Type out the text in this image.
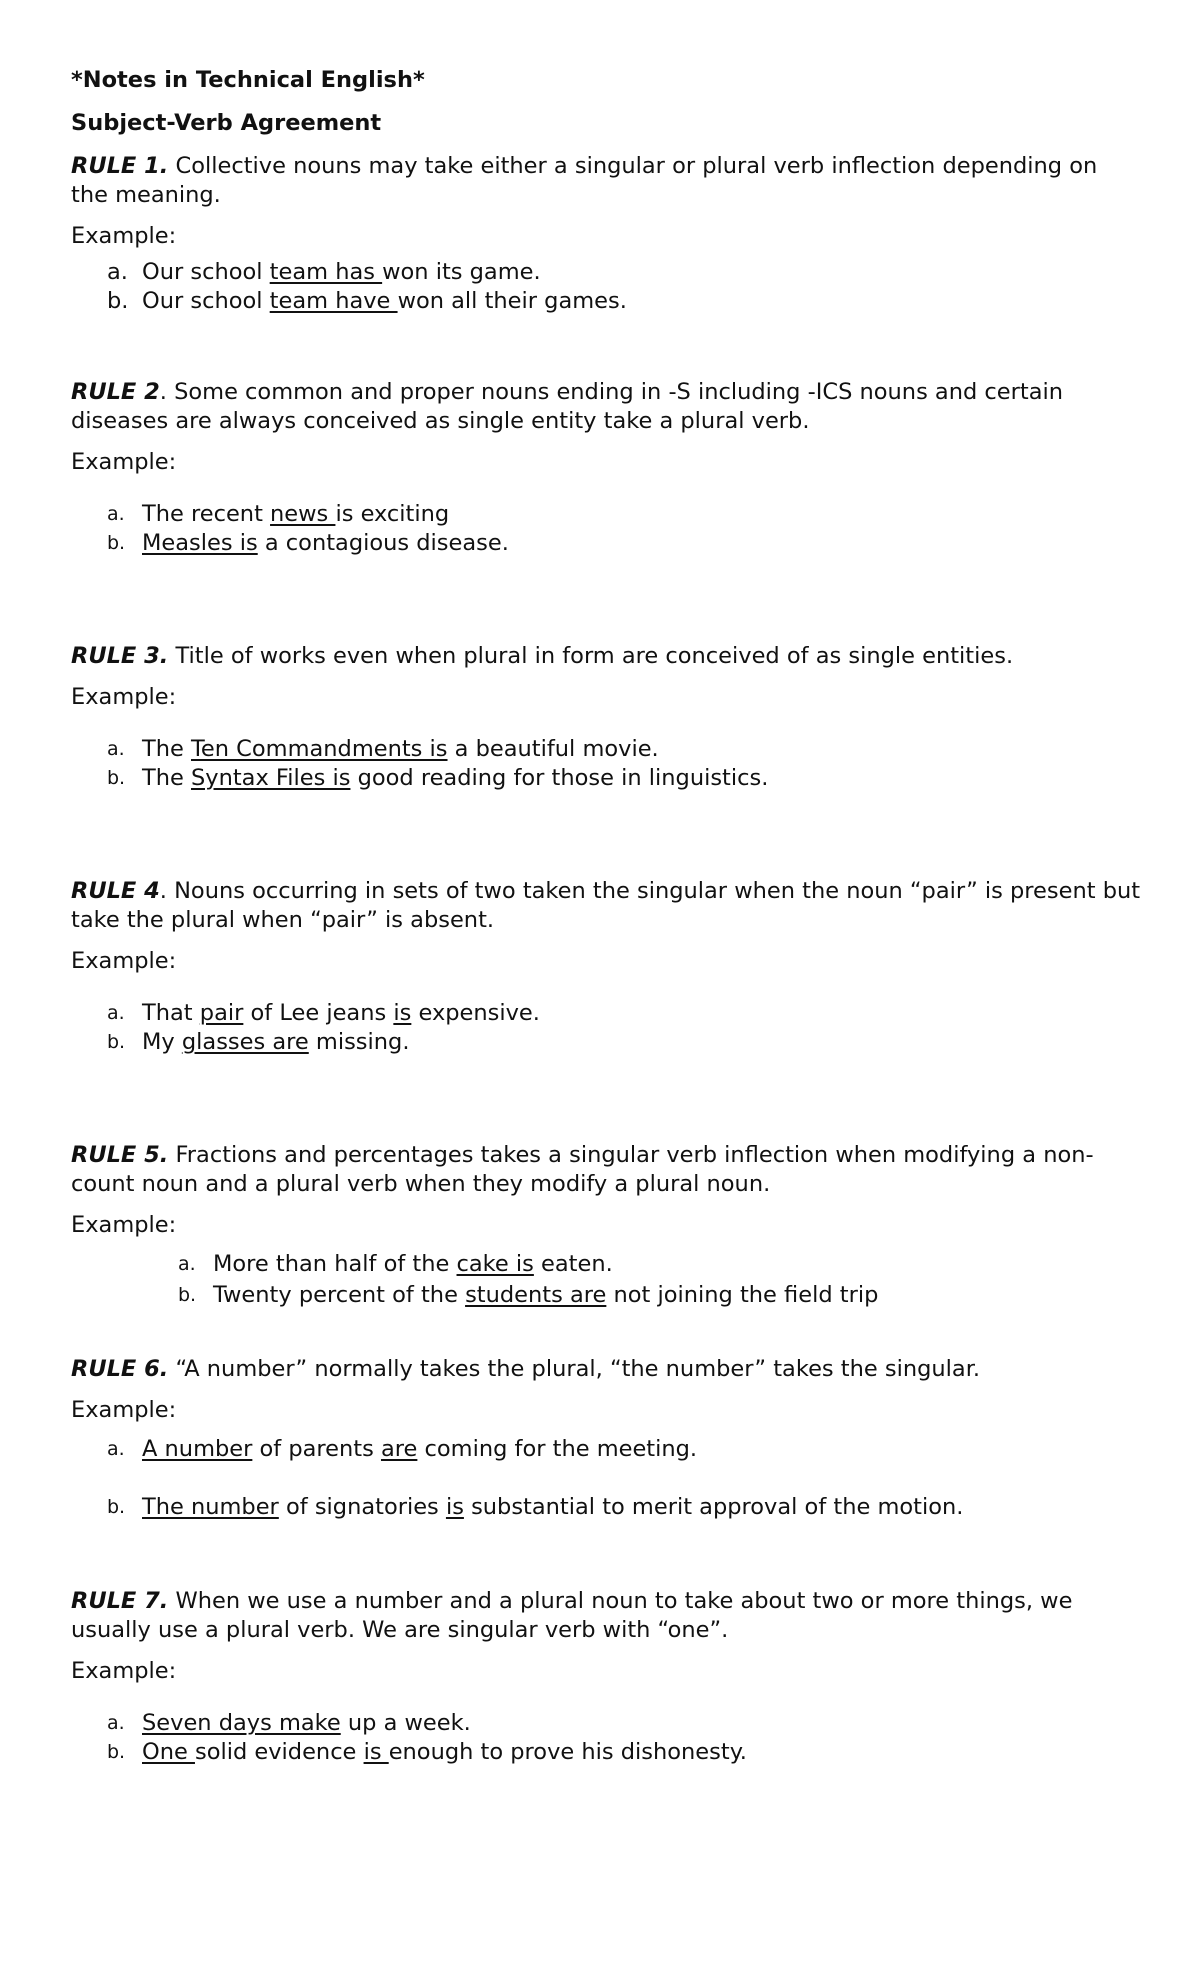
*Notes in Technical English*
Subject-Verb Agreement

RULE 1. Collective nouns may take either a singular or plural verb inflection depending on the meaning.

Example:
a. Our school team has won its game.
b. Our school team have won all their games.

RULE 2. Some common and proper nouns ending in -S including -ICS nouns and certain diseases are always conceived as single entity take a plural verb.

Example:
a. The recent news is exciting
b. Measles is a contagious disease.

RULE 3. Title of works even when plural in form are conceived of as single entities.

Example:
a. The Ten Commandments is a beautiful movie.
b. The Syntax Files is good reading for those in linguistics.

RULE 4. Nouns occurring in sets of two taken the singular when the noun “pair” is present but take the plural when “pair” is absent.

Example:
a. That pair of Lee jeans is expensive.
b. My glasses are missing.

RULE 5. Fractions and percentages takes a singular verb inflection when modifying a non-count noun and a plural verb when they modify a plural noun.

Example:
a. More than half of the cake is eaten.
b. Twenty percent of the students are not joining the field trip

RULE 6. “A number” normally takes the plural, “the number” takes the singular.

Example:
a. A number of parents are coming for the meeting.
b. The number of signatories is substantial to merit approval of the motion.

RULE 7. When we use a number and a plural noun to take about two or more things, we usually use a plural verb. We are singular verb with “one”.

Example:
a. Seven days make up a week.
b. One solid evidence is enough to prove his dishonesty.
